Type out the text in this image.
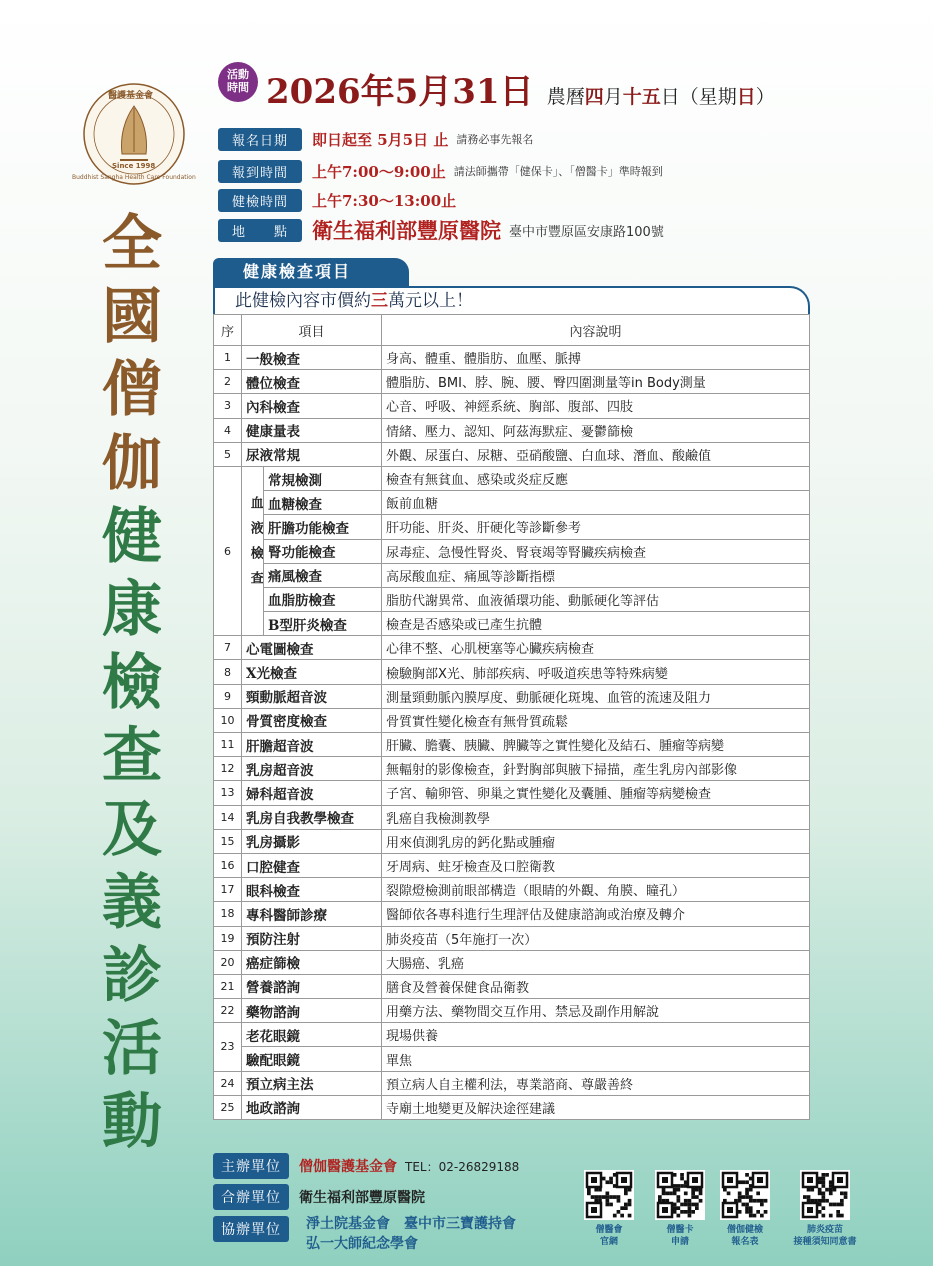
醫護基金會
Since 1998
Buddhist Sangha Health Care Foundation
全
國
僧
伽
健
康
檢
查
及
義
診
活
動
活動
時間 2026年5月31日 農曆四月十五日（星期日）
報名日期	即日起至 5月5日 止 請務必事先報名
報到時間	上午7:00～9:00止 請法師攜帶「健保卡」、「僧醫卡」準時報到
健檢時間	上午7:30～13:00止
地　　點	衛生福利部豐原醫院 臺中市豐原區安康路100號
健康檢查項目
此健檢內容市價約三萬元以上！
序	項目		內容說明
1	一般檢查		身高、體重、體脂肪、血壓、脈搏
2	體位檢查		體脂肪、BMI、脖、腕、腰、臀四圍測量等in Body測量
3	內科檢查		心音、呼吸、神經系統、胸部、腹部、四肢
4	健康量表		情緒、壓力、認知、阿茲海默症、憂鬱篩檢
5	尿液常規		外觀、尿蛋白、尿糖、亞硝酸鹽、白血球、潛血、酸鹼值
6	血液檢查	常規檢測	檢查有無貧血、感染或炎症反應
		血糖檢查	飯前血糖
		肝膽功能檢查	肝功能、肝炎、肝硬化等診斷參考
		腎功能檢查	尿毒症、急慢性腎炎、腎衰竭等腎臟疾病檢查
		痛風檢查	高尿酸血症、痛風等診斷指標
		血脂肪檢查	脂肪代謝異常、血液循環功能、動脈硬化等評估
		B型肝炎檢查	檢查是否感染或已產生抗體
7	心電圖檢查		心律不整、心肌梗塞等心臟疾病檢查
8	X光檢查		檢驗胸部X光、肺部疾病、呼吸道疾患等特殊病變
9	頸動脈超音波		測量頸動脈內膜厚度、動脈硬化斑塊、血管的流速及阻力
10	骨質密度檢查		骨質實性變化檢查有無骨質疏鬆
11	肝膽超音波		肝臟、膽囊、胰臟、脾臟等之實性變化及結石、腫瘤等病變
12	乳房超音波		無輻射的影像檢查，針對胸部與腋下掃描，產生乳房內部影像
13	婦科超音波		子宮、輸卵管、卵巢之實性變化及囊腫、腫瘤等病變檢查
14	乳房自我教學檢查		乳癌自我檢測教學
15	乳房攝影		用來偵測乳房的鈣化點或腫瘤
16	口腔健查		牙周病、蛀牙檢查及口腔衛教
17	眼科檢查		裂隙燈檢測前眼部構造（眼睛的外觀、角膜、瞳孔）
18	專科醫師診療		醫師依各專科進行生理評估及健康諮詢或治療及轉介
19	預防注射		肺炎疫苗（5年施打一次）
20	癌症篩檢		大腸癌、乳癌
21	營養諮詢		膳食及營養保健食品衛教
22	藥物諮詢		用藥方法、藥物間交互作用、禁忌及副作用解說
23	老花眼鏡		現場供養
	驗配眼鏡		單焦
24	預立病主法		預立病人自主權利法，專業諮商、尊嚴善終
25	地政諮詢		寺廟土地變更及解決途徑建議
主辦單位	僧伽醫護基金會 TEL：02-26829188
合辦單位	衛生福利部豐原醫院
協辦單位	淨土院基金會　臺中市三寶護持會
弘一大師紀念學會
僧醫會
官網
僧醫卡
申請
僧伽健檢
報名表
肺炎疫苗
接種須知同意書
